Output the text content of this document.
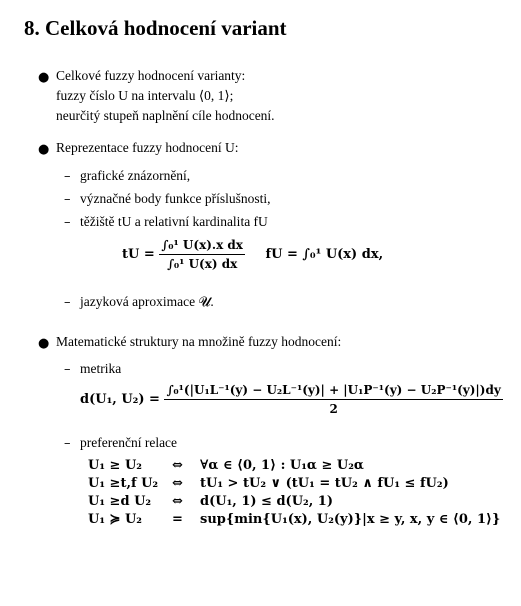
8. Celková hodnocení variant
● Celkové fuzzy hodnocení varianty:
fuzzy číslo U na intervalu ⟨0, 1⟩;
neurčitý stupeň naplnění cíle hodnocení.
● Reprezentace fuzzy hodnocení U:
– grafické znázornění,
– význačné body funkce příslušnosti,
– těžiště tU a relativní kardinalita fU
tU = $\frac{\text{∫₀¹ U(x).x dx}}{\text{∫₀¹ U(x) dx}}$ fU = ∫₀¹ U(x) dx,
– jazyková aproximace 𝓤.
● Matematické struktury na množině fuzzy hodnocení:
– metrika
d(U₁, $U_2) = \frac{\text{∫₀¹(|U₁L⁻¹(y) − U₂L⁻¹(y)| + |U₁P⁻¹(y) − U₂P⁻¹(y)|)dy}}{2}$
– preferenční relace
U₁ ≥ U₂ ⇔ ∀α ∈ ⟨0, 1⟩ : U₁α ≥ U₂α
U₁ ≥t,f U₂ ⇔ tU₁ > tU₂ ∨ (tU₁ = tU₂ ∧ fU₁ ≤ fU₂)
U₁ ≥d U₂ ⇔ d(U₁, 1) ≤ d(U₂, 1)
U₁ ≽ U₂ = sup{min{U₁(x), U₂(y)}|x ≥ y, x, y ∈ ⟨0, 1⟩}
